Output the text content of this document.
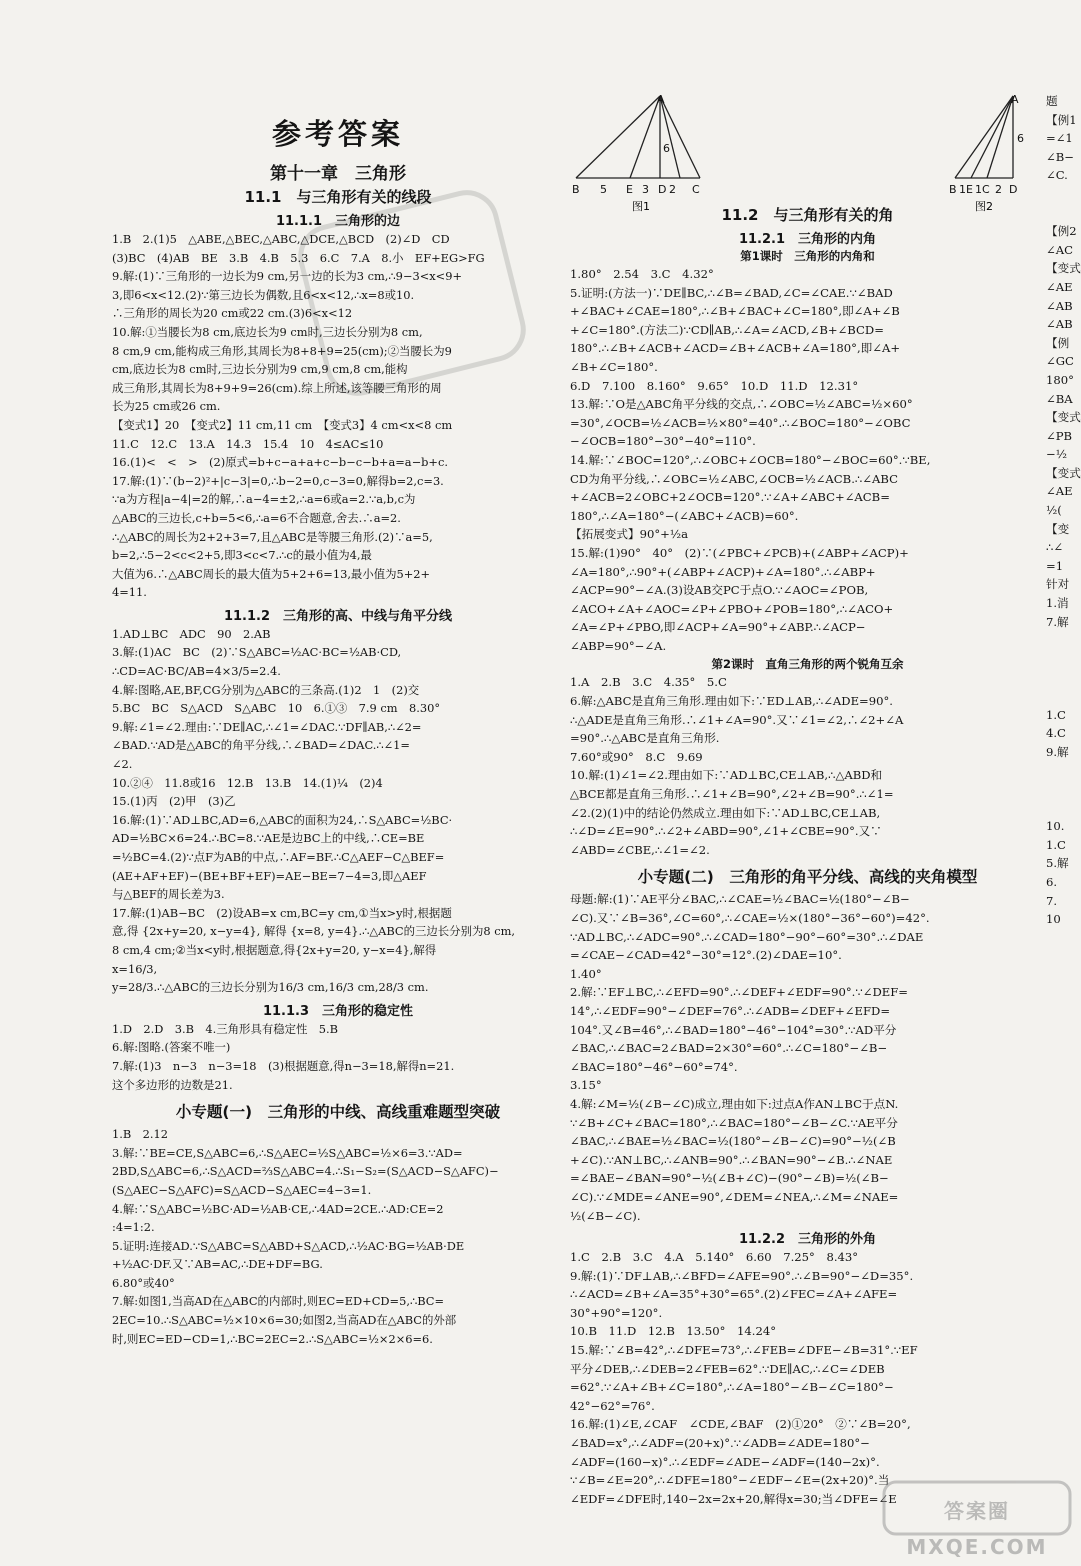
参考答案
第十一章　三角形
11.1　与三角形有关的线段
11.1.1　三角形的边
1.B　2.(1)5　△ABE,△BEC,△ABC,△DCE,△BCD　(2)∠D　CD
(3)BC　(4)AB　BE　3.B　4.B　5.3　6.C　7.A　8.小　EF+EG>FG
9.解:(1)∵三角形的一边长为9 cm,另一边的长为3 cm,∴9−3<x<9+
3,即6<x<12.(2)∵第三边长为偶数,且6<x<12,∴x=8或10.
∴三角形的周长为20 cm或22 cm.(3)6<x<12
10.解:①当腰长为8 cm,底边长为9 cm时,三边长分别为8 cm,
8 cm,9 cm,能构成三角形,其周长为8+8+9=25(cm);②当腰长为9
cm,底边长为8 cm时,三边长分别为9 cm,9 cm,8 cm,能构
成三角形,其周长为8+9+9=26(cm).综上所述,该等腰三角形的周
长为25 cm或26 cm.
【变式1】20　【变式2】11 cm,11 cm　【变式3】4 cm<x<8 cm
11.C　12.C　13.A　14.3　15.4　10　4≤AC≤10
16.(1)<　<　>　(2)原式=b+c−a+a+c−b−c−b+a=a−b+c.
17.解:(1)∵(b−2)²+|c−3|=0,∴b−2=0,c−3=0,解得b=2,c=3.
∵a为方程|a−4|=2的解,∴a−4=±2,∴a=6或a=2.∵a,b,c为
△ABC的三边长,c+b=5<6,∴a=6不合题意,舍去.∴a=2.
∴△ABC的周长为2+2+3=7,且△ABC是等腰三角形.(2)∵a=5,
b=2,∴5−2<c<2+5,即3<c<7.∴c的最小值为4,最
大值为6.∴△ABC周长的最大值为5+2+6=13,最小值为5+2+
4=11.
11.1.2　三角形的高、中线与角平分线
1.AD⊥BC　ADC　90　2.AB
3.解:(1)AC　BC　(2)∵S△ABC=½AC·BC=½AB·CD,
∴CD=AC·BC/AB=4×3/5=2.4.
4.解:图略,AE,BF,CG分别为△ABC的三条高.(1)2　1　(2)交
5.BC　BC　S△ACD　S△ABC　10　6.①③　7.9 cm　8.30°
9.解:∠1=∠2.理由:∵DE∥AC,∴∠1=∠DAC.∵DF∥AB,∴∠2=
∠BAD.∵AD是△ABC的角平分线,∴∠BAD=∠DAC.∴∠1=
∠2.
10.②④　11.8或16　12.B　13.B　14.(1)¼　(2)4
15.(1)丙　(2)甲　(3)乙
16.解:(1)∵AD⊥BC,AD=6,△ABC的面积为24,∴S△ABC=½BC·
AD=½BC×6=24.∴BC=8.∵AE是边BC上的中线,∴CE=BE
=½BC=4.(2)∵点F为AB的中点,∴AF=BF.∴C△AEF−C△BEF=
(AE+AF+EF)−(BE+BF+EF)=AE−BE=7−4=3,即△AEF
与△BEF的周长差为3.
17.解:(1)AB−BC　(2)设AB=x cm,BC=y cm,①当x>y时,根据题
意,得 {2x+y=20, x−y=4}, 解得 {x=8, y=4}.∴△ABC的三边长分别为8 cm,
8 cm,4 cm;②当x<y时,根据题意,得{2x+y=20, y−x=4},解得
x=16/3,
y=28/3.∴△ABC的三边长分别为16/3 cm,16/3 cm,28/3 cm.
11.1.3　三角形的稳定性
1.D　2.D　3.B　4.三角形具有稳定性　5.B
6.解:图略.(答案不唯一)
7.解:(1)3　n−3　n−3=18　(3)根据题意,得n−3=18,解得n=21.
这个多边形的边数是21.
小专题(一)　三角形的中线、高线重难题型突破
1.B　2.12
3.解:∵BE=CE,S△ABC=6,∴S△AEC=½S△ABC=½×6=3.∵AD=
2BD,S△ABC=6,∴S△ACD=⅔S△ABC=4.∴S₁−S₂=(S△ACD−S△AFC)−
(S△AEC−S△AFC)=S△ACD−S△AEC=4−3=1.
4.解:∵S△ABC=½BC·AD=½AB·CE,∴4AD=2CE.∴AD:CE=2
:4=1:2.
5.证明:连接AD.∵S△ABC=S△ABD+S△ACD,∴½AC·BG=½AB·DE
+½AC·DF.又∵AB=AC,∴DE+DF=BG.
6.80°或40°
7.解:如图1,当高AD在△ABC的内部时,则EC=ED+CD=5,∴BC=
2EC=10.∴S△ABC=½×10×6=30;如图2,当高AD在△ABC的外部
时,则EC=ED−CD=1,∴BC=2EC=2.∴S△ABC=½×2×6=6.
A
B 5 E 3 D 2 C
6
图1
A
B 1 E 1 C 2 D
6
图2
11.2　与三角形有关的角
11.2.1　三角形的内角
第1课时　三角形的内角和
1.80°　2.54　3.C　4.32°
5.证明:(方法一)∵DE∥BC,∴∠B=∠BAD,∠C=∠CAE.∵∠BAD
+∠BAC+∠CAE=180°,∴∠B+∠BAC+∠C=180°,即∠A+∠B
+∠C=180°.(方法二)∵CD∥AB,∴∠A=∠ACD,∠B+∠BCD=
180°.∴∠B+∠ACB+∠ACD=∠B+∠ACB+∠A=180°,即∠A+
∠B+∠C=180°.
6.D　7.100　8.160°　9.65°　10.D　11.D　12.31°
13.解:∵O是△ABC角平分线的交点,∴∠OBC=½∠ABC=½×60°
=30°,∠OCB=½∠ACB=½×80°=40°.∴∠BOC=180°−∠OBC
−∠OCB=180°−30°−40°=110°.
14.解:∵∠BOC=120°,∴∠OBC+∠OCB=180°−∠BOC=60°.∵BE,
CD为角平分线,∴∠OBC=½∠ABC,∠OCB=½∠ACB.∴∠ABC
+∠ACB=2∠OBC+2∠OCB=120°.∵∠A+∠ABC+∠ACB=
180°,∴∠A=180°−(∠ABC+∠ACB)=60°.
【拓展变式】90°+½a
15.解:(1)90°　40°　(2)∵(∠PBC+∠PCB)+(∠ABP+∠ACP)+
∠A=180°,∴90°+(∠ABP+∠ACP)+∠A=180°.∴∠ABP+
∠ACP=90°−∠A.(3)设AB交PC于点O.∵∠AOC=∠POB,
∠ACO+∠A+∠AOC=∠P+∠PBO+∠POB=180°,∴∠ACO+
∠A=∠P+∠PBO,即∠ACP+∠A=90°+∠ABP.∴∠ACP−
∠ABP=90°−∠A.
第2课时　直角三角形的两个锐角互余
1.A　2.B　3.C　4.35°　5.C
6.解:△ABC是直角三角形.理由如下:∵ED⊥AB,∴∠ADE=90°.
∴△ADE是直角三角形.∴∠1+∠A=90°.又∵∠1=∠2,∴∠2+∠A
=90°.∴△ABC是直角三角形.
7.60°或90°　8.C　9.69
10.解:(1)∠1=∠2.理由如下:∵AD⊥BC,CE⊥AB,∴△ABD和
△BCE都是直角三角形.∴∠1+∠B=90°,∠2+∠B=90°.∴∠1=
∠2.(2)(1)中的结论仍然成立.理由如下:∵AD⊥BC,CE⊥AB,
∴∠D=∠E=90°.∴∠2+∠ABD=90°,∠1+∠CBE=90°.又∵
∠ABD=∠CBE,∴∠1=∠2.
小专题(二)　三角形的角平分线、高线的夹角模型
母题:解:(1)∵AE平分∠BAC,∴∠CAE=½∠BAC=½(180°−∠B−
∠C).又∵∠B=36°,∠C=60°,∴∠CAE=½×(180°−36°−60°)=42°.
∵AD⊥BC,∴∠ADC=90°.∴∠CAD=180°−90°−60°=30°.∴∠DAE
=∠CAE−∠CAD=42°−30°=12°.(2)∠DAE=10°.
1.40°
2.解:∵EF⊥BC,∴∠EFD=90°.∴∠DEF+∠EDF=90°.∵∠DEF=
14°,∴∠EDF=90°−∠DEF=76°.∴∠ADB=∠DEF+∠EFD=
104°.又∠B=46°,∴∠BAD=180°−46°−104°=30°.∵AD平分
∠BAC,∴∠BAC=2∠BAD=2×30°=60°.∴∠C=180°−∠B−
∠BAC=180°−46°−60°=74°.
3.15°
4.解:∠M=½(∠B−∠C)成立,理由如下:过点A作AN⊥BC于点N.
∵∠B+∠C+∠BAC=180°,∴∠BAC=180°−∠B−∠C.∵AE平分
∠BAC,∴∠BAE=½∠BAC=½(180°−∠B−∠C)=90°−½(∠B
+∠C).∵AN⊥BC,∴∠ANB=90°.∴∠BAN=90°−∠B.∴∠NAE
=∠BAE−∠BAN=90°−½(∠B+∠C)−(90°−∠B)=½(∠B−
∠C).∵∠MDE=∠ANE=90°,∠DEM=∠NEA,∴∠M=∠NAE=
½(∠B−∠C).
11.2.2　三角形的外角
1.C　2.B　3.C　4.A　5.140°　6.60　7.25°　8.43°
9.解:(1)∵DF⊥AB,∴∠BFD=∠AFE=90°.∴∠B=90°−∠D=35°.
∴∠ACD=∠B+∠A=35°+30°=65°.(2)∠FEC=∠A+∠AFE=
30°+90°=120°.
10.B　11.D　12.B　13.50°　14.24°
15.解:∵∠B=42°,∴∠DFE=73°,∴∠FEB=∠DFE−∠B=31°.∵EF
平分∠DEB,∴∠DEB=2∠FEB=62°.∵DE∥AC,∴∠C=∠DEB
=62°.∵∠A+∠B+∠C=180°,∴∠A=180°−∠B−∠C=180°−
42°−62°=76°.
16.解:(1)∠E,∠CAF　∠CDE,∠BAF　(2)①20°　②∵∠B=20°,
∠BAD=x°,∴∠ADF=(20+x)°.∵∠ADB=∠ADE=180°−
∠ADF=(160−x)°.∴∠EDF=∠ADE−∠ADF=(140−2x)°.
∵∠B=∠E=20°,∴∠DFE=180°−∠EDF−∠E=(2x+20)°.当
∠EDF=∠DFE时,140−2x=2x+20,解得x=30;当∠DFE=∠E
题
【例1
=∠1
∠B−
∠C.

【例2
∠AC
【变式
∠AE
∠AB
∠AB
【例
∠GC
180°
∠BA
【变式
∠PB
−½
【变式
∠AE
½(
【变
∴∠
=1
针对
1.消
7.解

1.C
4.C
9.解

10.
1.C
5.解
6.
7.
10
答案圈
MXQE.COM
